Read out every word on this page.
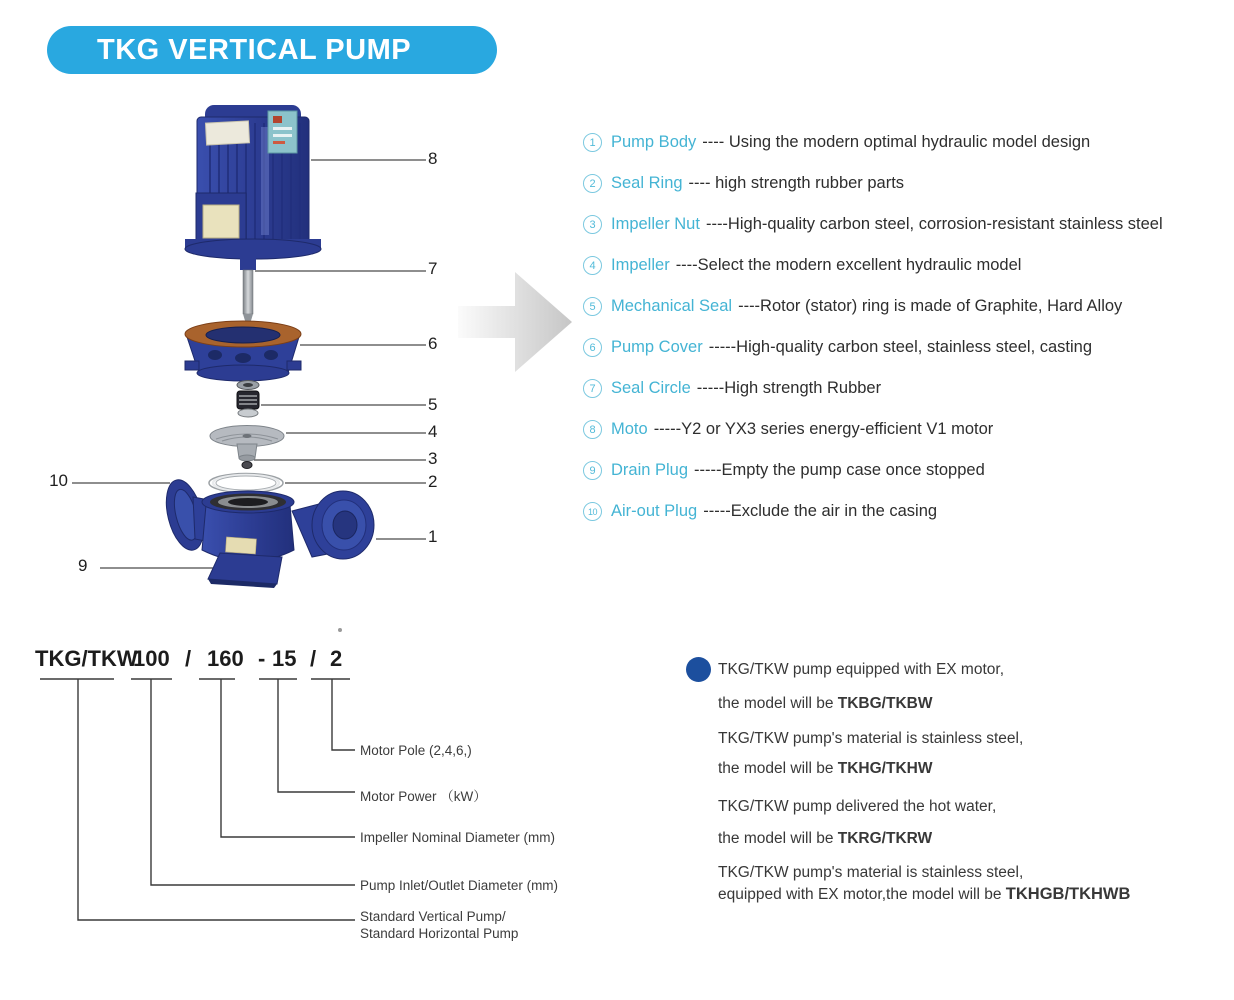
TKG VERTICAL PUMP
8
7
6
5
4
3
2
1
10
9
1 Pump Body ---- Using the modern optimal hydraulic model design
2 Seal Ring ---- high strength rubber parts
3 Impeller Nut ----High-quality carbon steel, corrosion-resistant stainless steel
4 Impeller ----Select the modern excellent hydraulic model
5 Mechanical Seal ----Rotor (stator) ring is made of Graphite, Hard Alloy
6 Pump Cover -----High-quality carbon steel, stainless steel, casting
7 Seal Circle -----High strength Rubber
8 Moto -----Y2 or YX3 series energy-efficient V1 motor
9 Drain Plug -----Empty the pump case once stopped
10 Air-out Plug -----Exclude the air in the casing
TKG/TKW
100 / 160 - 15 / 2
Motor Pole (2,4,6,)
Motor Power （kW）
Impeller Nominal Diameter (mm)
Pump Inlet/Outlet Diameter (mm)
Standard Vertical Pump/
Standard Horizontal Pump
TKG/TKW pump equipped with EX motor,
the model will be TKBG/TKBW
TKG/TKW pump's material is stainless steel,
the model will be TKHG/TKHW
TKG/TKW pump delivered the hot water,
the model will be TKRG/TKRW
TKG/TKW pump's material is stainless steel,
equipped with EX motor,the model will be TKHGB/TKHWB
